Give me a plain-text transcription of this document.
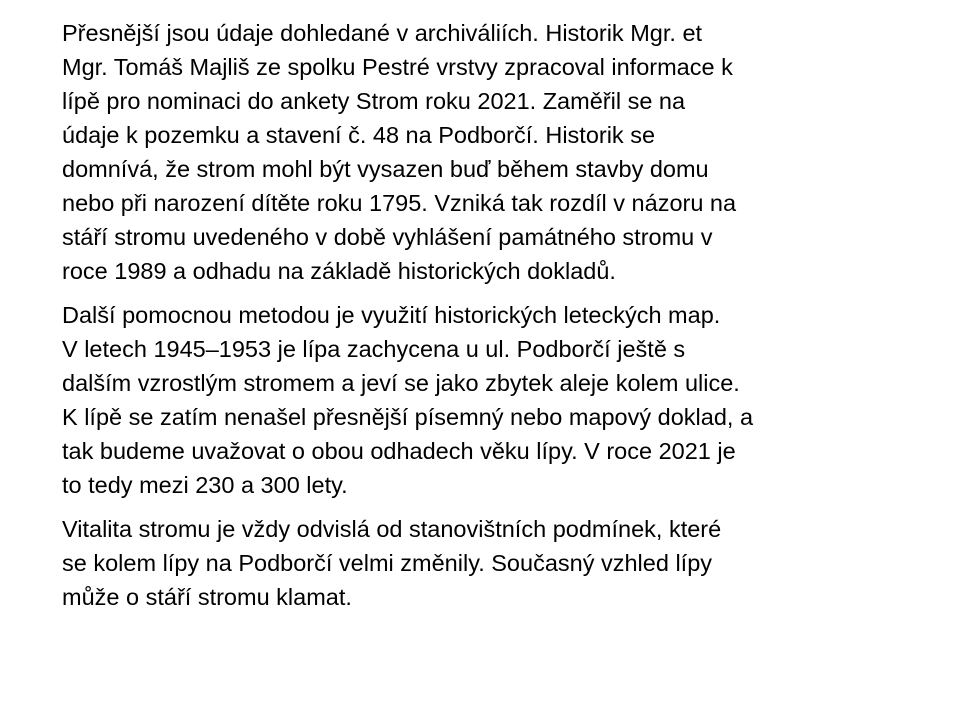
Přesnější jsou údaje dohledané v archiváliích. Historik Mgr. et
Mgr. Tomáš Majliš ze spolku Pestré vrstvy zpracoval informace k
lípě pro nominaci do ankety Strom roku 2021. Zaměřil se na
údaje k pozemku a stavení č. 48 na Podborčí. Historik se
domnívá, že strom mohl být vysazen buď během stavby domu
nebo při narození dítěte roku 1795. Vzniká tak rozdíl v názoru na
stáří stromu uvedeného v době vyhlášení památného stromu v
roce 1989 a odhadu na základě historických dokladů.

Další pomocnou metodou je využití historických leteckých map.
V letech 1945–1953 je lípa zachycena u ul. Podborčí ještě s
dalším vzrostlým stromem a jeví se jako zbytek aleje kolem ulice.
K lípě se zatím nenašel přesnější písemný nebo mapový doklad, a
tak budeme uvažovat o obou odhadech věku lípy. V roce 2021 je
to tedy mezi 230 a 300 lety.

Vitalita stromu je vždy odvislá od stanovištních podmínek, které
se kolem lípy na Podborčí velmi změnily. Současný vzhled lípy
může o stáří stromu klamat.
